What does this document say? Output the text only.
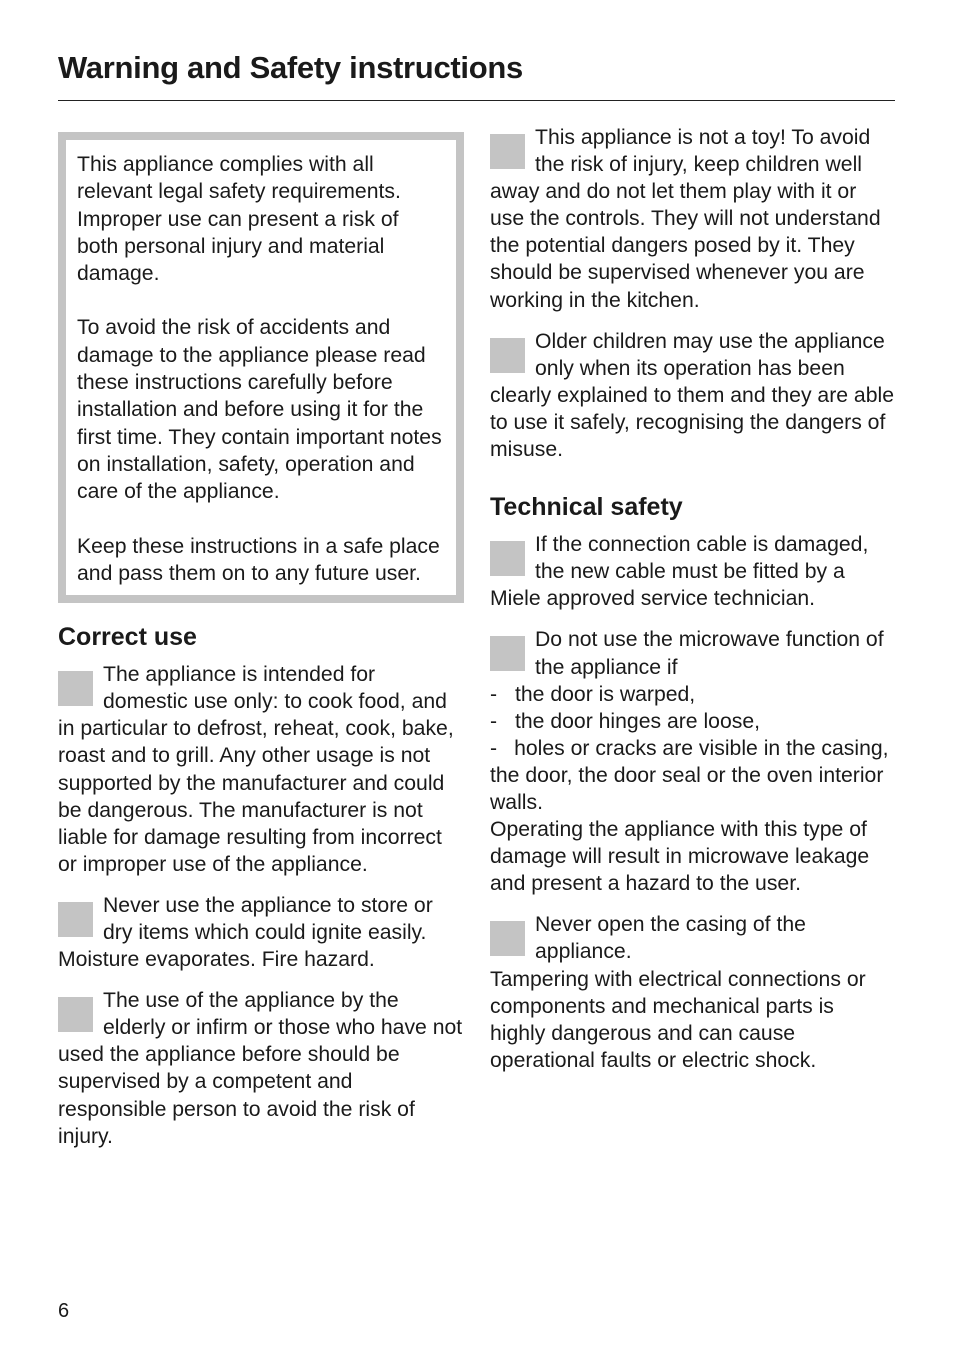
Warning and Safety instructions

This appliance complies with all relevant legal safety requirements. Improper use can present a risk of both personal injury and material damage.

To avoid the risk of accidents and damage to the appliance please read these instructions carefully before installation and before using it for the first time. They contain important notes on installation, safety, operation and care of the appliance.

Keep these instructions in a safe place and pass them on to any future user.

Correct use

The appliance is intended for domestic use only: to cook food, and in particular to defrost, reheat, cook, bake, roast and to grill. Any other usage is not supported by the manufacturer and could be dangerous. The manufacturer is not liable for damage resulting from incorrect or improper use of the appliance.

Never use the appliance to store or dry items which could ignite easily. Moisture evaporates. Fire hazard.

The use of the appliance by the elderly or infirm or those who have not used the appliance before should be supervised by a competent and responsible person to avoid the risk of injury.

This appliance is not a toy! To avoid the risk of injury, keep children well away and do not let them play with it or use the controls. They will not understand the potential dangers posed by it. They should be supervised whenever you are working in the kitchen.

Older children may use the appliance only when its operation has been clearly explained to them and they are able to use it safely, recognising the dangers of misuse.

Technical safety

If the connection cable is damaged, the new cable must be fitted by a Miele approved service technician.

Do not use the microwave function of the appliance if

- the door is warped,
- the door hinges are loose,
- holes or cracks are visible in the casing, the door, the door seal or the oven interior walls.

Operating the appliance with this type of damage will result in microwave leakage and present a hazard to the user.

Never open the casing of the appliance.

Tampering with electrical connections or components and mechanical parts is highly dangerous and can cause operational faults or electric shock.

6
